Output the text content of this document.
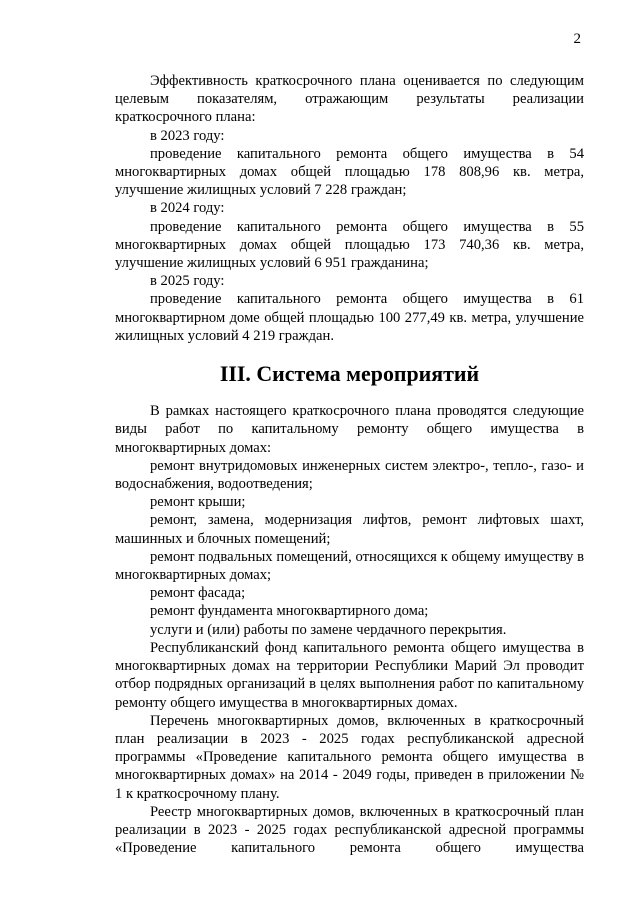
2

Эффективность краткосрочного плана оценивается по следующим целевым показателям, отражающим результаты реализации краткосрочного плана:

в 2023 году:

проведение капитального ремонта общего имущества в 54 многоквартирных домах общей площадью 178 808,96 кв. метра, улучшение жилищных условий 7 228 граждан;

в 2024 году:

проведение капитального ремонта общего имущества в 55 многоквартирных домах общей площадью 173 740,36 кв. метра, улучшение жилищных условий 6 951 гражданина;

в 2025 году:

проведение капитального ремонта общего имущества в 61 многоквартирном доме общей площадью 100 277,49 кв. метра, улучшение жилищных условий 4 219 граждан.

III. Система мероприятий

В рамках настоящего краткосрочного плана проводятся следующие виды работ по капитальному ремонту общего имущества в многоквартирных домах:

ремонт внутридомовых инженерных систем электро-, тепло-, газо- и водоснабжения, водоотведения;

ремонт крыши;

ремонт, замена, модернизация лифтов, ремонт лифтовых шахт, машинных и блочных помещений;

ремонт подвальных помещений, относящихся к общему имуществу в многоквартирных домах;

ремонт фасада;

ремонт фундамента многоквартирного дома;

услуги и (или) работы по замене чердачного перекрытия.

Республиканский фонд капитального ремонта общего имущества в многоквартирных домах на территории Республики Марий Эл проводит отбор подрядных организаций в целях выполнения работ по капитальному ремонту общего имущества в многоквартирных домах.

Перечень многоквартирных домов, включенных в краткосрочный план реализации в 2023 - 2025 годах республиканской адресной программы «Проведение капитального ремонта общего имущества в многоквартирных домах» на 2014 - 2049 годы, приведен в приложении № 1 к краткосрочному плану.

Реестр многоквартирных домов, включенных в краткосрочный план реализации в 2023 - 2025 годах республиканской адресной программы «Проведение капитального ремонта общего имущества
